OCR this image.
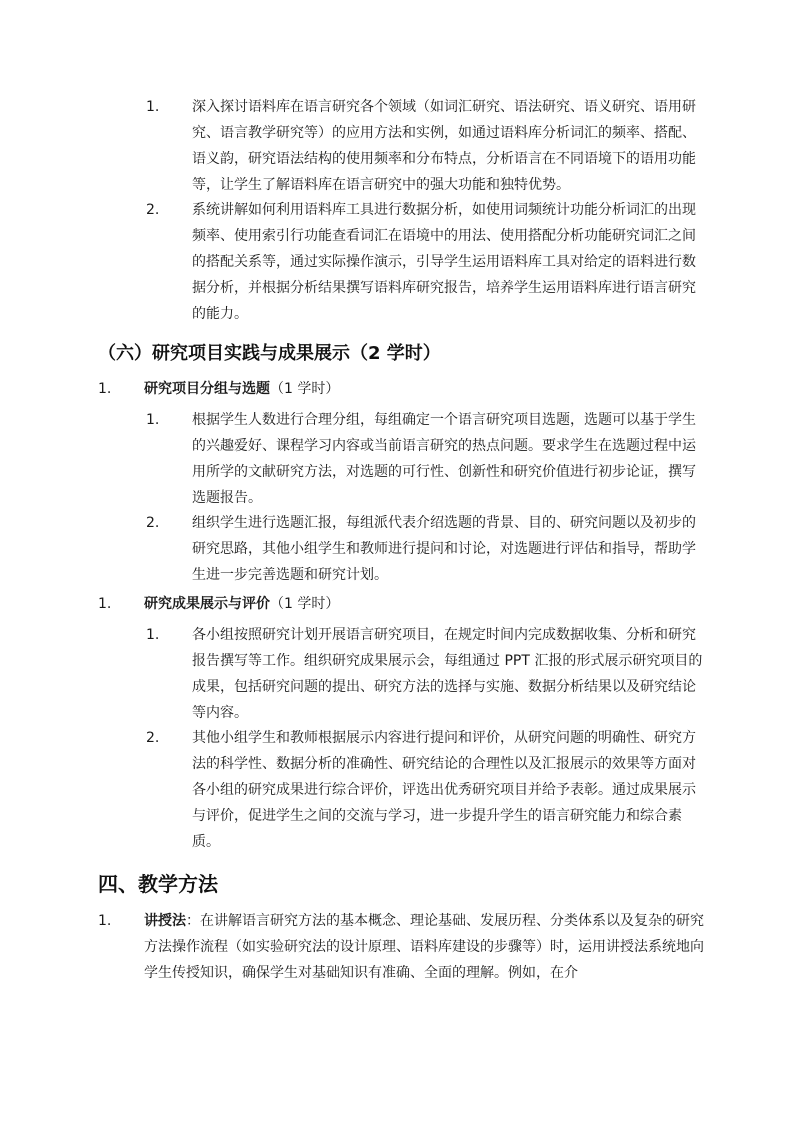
1.	深入探讨语料库在语言研究各个领域（如词汇研究、语法研究、语义研究、语用研究、语言教学研究等）的应用方法和实例，如通过语料库分析词汇的频率、搭配、语义韵，研究语法结构的使用频率和分布特点，分析语言在不同语境下的语用功能等，让学生了解语料库在语言研究中的强大功能和独特优势。
2.	系统讲解如何利用语料库工具进行数据分析，如使用词频统计功能分析词汇的出现频率、使用索引行功能查看词汇在语境中的用法、使用搭配分析功能研究词汇之间的搭配关系等，通过实际操作演示，引导学生运用语料库工具对给定的语料进行数据分析，并根据分析结果撰写语料库研究报告，培养学生运用语料库进行语言研究的能力。
（六）研究项目实践与成果展示（2 学时）
1.	研究项目分组与选题（1 学时）
1.	根据学生人数进行合理分组，每组确定一个语言研究项目选题，选题可以基于学生的兴趣爱好、课程学习内容或当前语言研究的热点问题。要求学生在选题过程中运用所学的文献研究方法，对选题的可行性、创新性和研究价值进行初步论证，撰写选题报告。
2.	组织学生进行选题汇报，每组派代表介绍选题的背景、目的、研究问题以及初步的研究思路，其他小组学生和教师进行提问和讨论，对选题进行评估和指导，帮助学生进一步完善选题和研究计划。
1.	研究成果展示与评价（1 学时）
1.	各小组按照研究计划开展语言研究项目，在规定时间内完成数据收集、分析和研究报告撰写等工作。组织研究成果展示会，每组通过 PPT 汇报的形式展示研究项目的成果，包括研究问题的提出、研究方法的选择与实施、数据分析结果以及研究结论等内容。
2.	其他小组学生和教师根据展示内容进行提问和评价，从研究问题的明确性、研究方法的科学性、数据分析的准确性、研究结论的合理性以及汇报展示的效果等方面对各小组的研究成果进行综合评价，评选出优秀研究项目并给予表彰。通过成果展示与评价，促进学生之间的交流与学习，进一步提升学生的语言研究能力和综合素质。
四、教学方法
1.	讲授法：在讲解语言研究方法的基本概念、理论基础、发展历程、分类体系以及复杂的研究方法操作流程（如实验研究法的设计原理、语料库建设的步骤等）时，运用讲授法系统地向学生传授知识，确保学生对基础知识有准确、全面的理解。例如，在介
